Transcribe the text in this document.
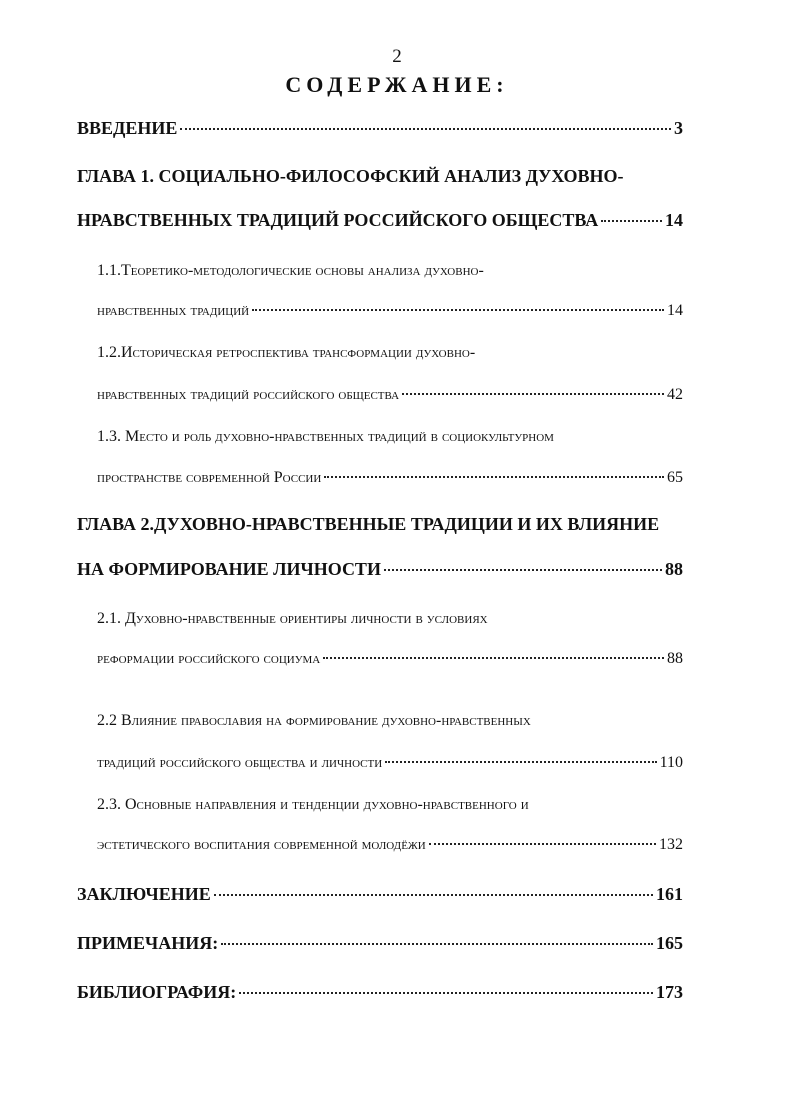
2
СОДЕРЖАНИЕ:
ВВЕДЕНИЕ	3
ГЛАВА 1. СОЦИАЛЬНО-ФИЛОСОФСКИЙ АНАЛИЗ ДУХОВНО-
НРАВСТВЕННЫХ ТРАДИЦИЙ РОССИЙСКОГО ОБЩЕСТВА	14
1.1.Теоретико-методологические основы анализа духовно-
нравственных традиций	14
1.2.Историческая ретроспектива трансформации духовно-
нравственных традиций российского общества	42
1.3. Место и роль духовно-нравственных традиций в социокультурном
пространстве современной России	65
ГЛАВА 2.ДУХОВНО-НРАВСТВЕННЫЕ ТРАДИЦИИ И ИХ ВЛИЯНИЕ
НА ФОРМИРОВАНИЕ ЛИЧНОСТИ	88
2.1. Духовно-нравственные ориентиры личности в условиях
реформации российского социума	88
2.2 Влияние православия на формирование духовно-нравственных
традиций российского общества и личности	110
2.3. Основные направления и тенденции духовно-нравственного и
эстетического воспитания современной молодёжи	132
ЗАКЛЮЧЕНИЕ	161
ПРИМЕЧАНИЯ:	165
БИБЛИОГРАФИЯ:	173
